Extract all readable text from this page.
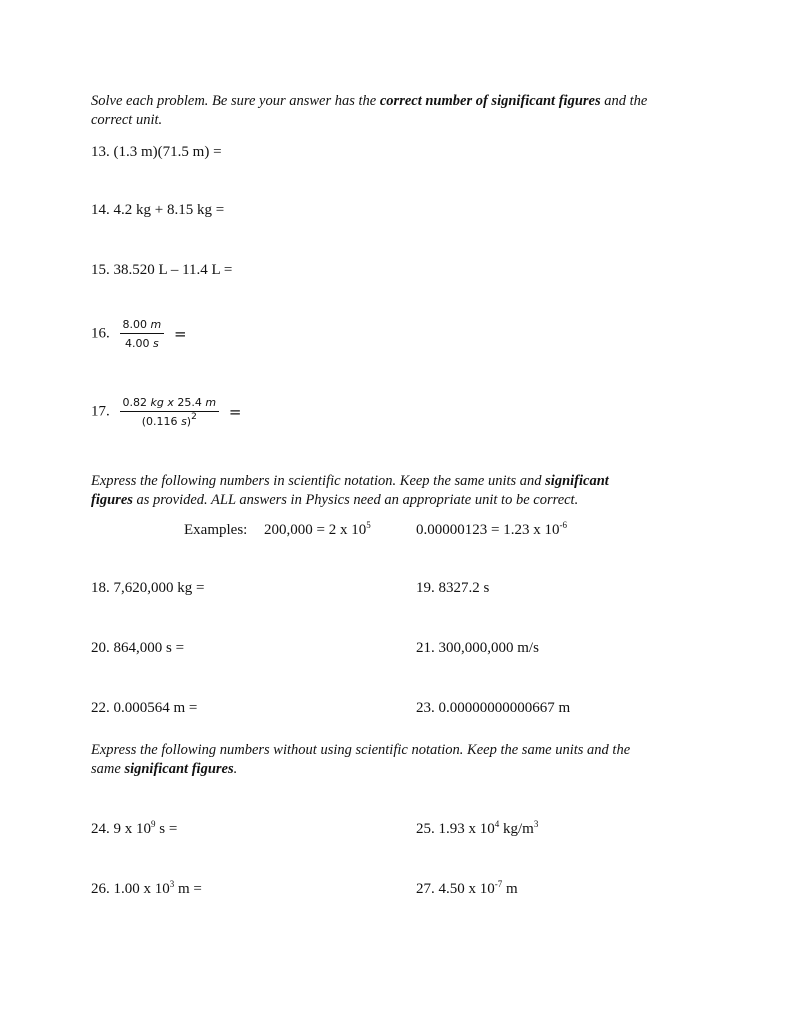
Solve each problem. Be sure your answer has the correct number of significant figures and the
correct unit.
13. (1.3 m)(71.5 m) =
14. 4.2 kg + 8.15 kg =
15. 38.520 L – 11.4 L =
16. $\frac{8.00 m}{4.00 s}$ =
17. $\frac{\text{0.82 kg x 25.4 m}}{(0.116 s)^2}$ =
Express the following numbers in scientific notation. Keep the same units and significant
figures as provided. ALL answers in Physics need an appropriate unit to be correct.
Examples: 200,000 = 2 x $10^5$	0.00000123 = 1.23 x $10^{-6}$
18. 7,620,000 kg =	19. 8327.2 s
20. 864,000 s =	21. 300,000,000 m/s
22. 0.000564 m =	23. 0.00000000000667 m
Express the following numbers without using scientific notation. Keep the same units and the
same significant figures.
24. 9 x $10^9$ s =	25. 1.93 x $10^4$ $kg/m^3$
26. 1.00 x $10^3$ m =	27. 4.50 x $10^{-7}$ m
